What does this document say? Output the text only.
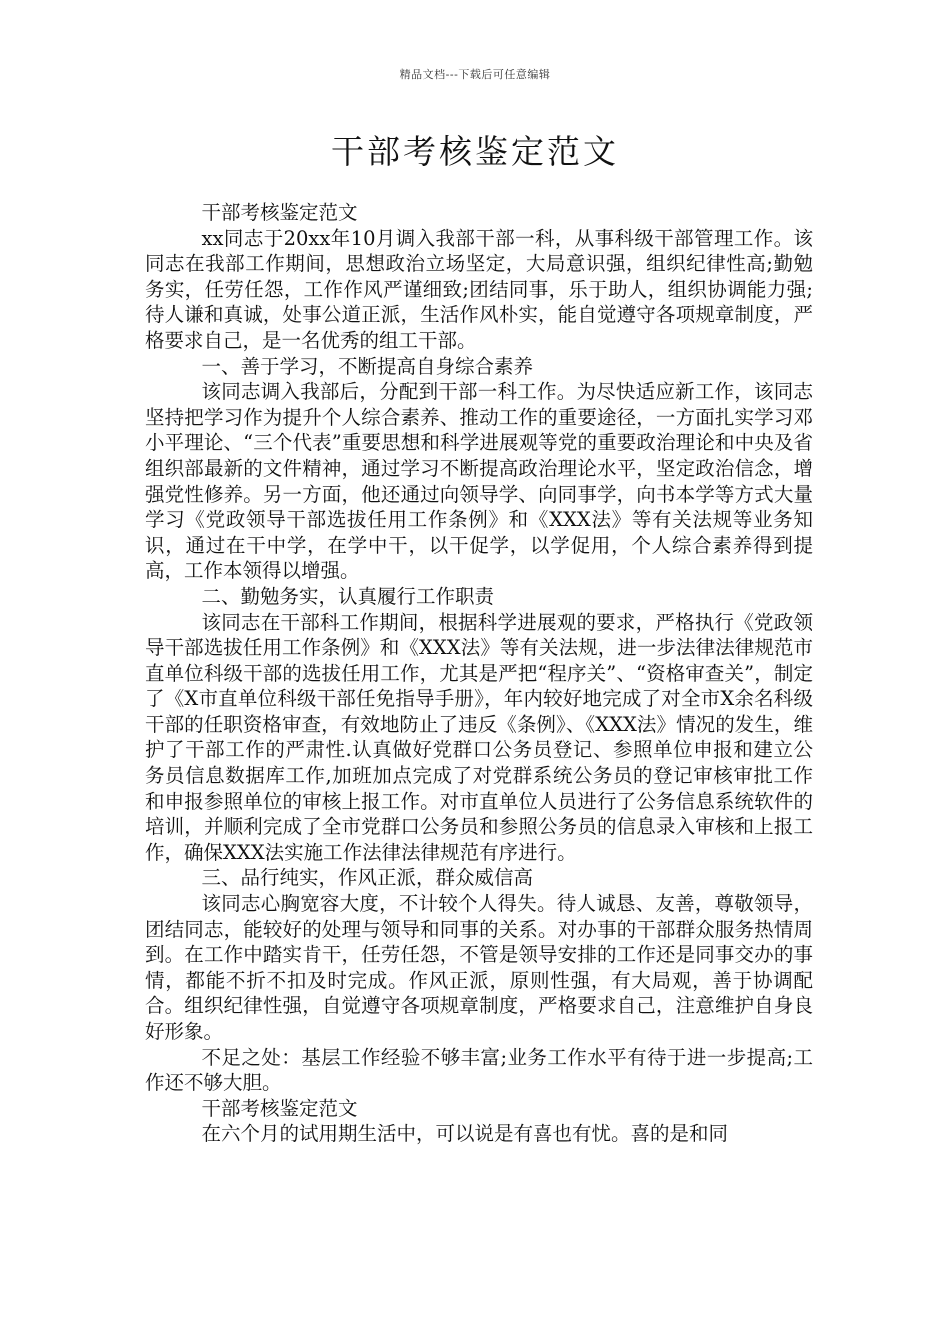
精品文档---下载后可任意编辑
干部考核鉴定范文

干部考核鉴定范文

xx同志于20xx年10月调入我部干部一科，从事科级干部管理工作。该同志在我部工作期间，思想政治立场坚定，大局意识强，组织纪律性高;勤勉务实，任劳任怨，工作作风严谨细致;团结同事，乐于助人，组织协调能力强;待人谦和真诚，处事公道正派，生活作风朴实，能自觉遵守各项规章制度，严格要求自己，是一名优秀的组工干部。

一、善于学习，不断提高自身综合素养

该同志调入我部后，分配到干部一科工作。为尽快适应新工作，该同志坚持把学习作为提升个人综合素养、推动工作的重要途径，一方面扎实学习邓小平理论、“三个代表”重要思想和科学进展观等党的重要政治理论和中央及省组织部最新的文件精神，通过学习不断提高政治理论水平，坚定政治信念，增强党性修养。另一方面，他还通过向领导学、向同事学，向书本学等方式大量学习《党政领导干部选拔任用工作条例》和《XXX法》等有关法规等业务知识，通过在干中学，在学中干，以干促学，以学促用，个人综合素养得到提高，工作本领得以增强。

二、勤勉务实，认真履行工作职责

该同志在干部科工作期间，根据科学进展观的要求，严格执行《党政领导干部选拔任用工作条例》和《XXX法》等有关法规，进一步法律法律规范市直单位科级干部的选拔任用工作，尤其是严把“程序关”、“资格审查关”，制定了《X市直单位科级干部任免指导手册》，年内较好地完成了对全市X余名科级干部的任职资格审查，有效地防止了违反《条例》、《XXX法》情况的发生，维护了干部工作的严肃性.认真做好党群口公务员登记、参照单位申报和建立公务员信息数据库工作,加班加点完成了对党群系统公务员的登记审核审批工作和申报参照单位的审核上报工作。对市直单位人员进行了公务信息系统软件的培训，并顺利完成了全市党群口公务员和参照公务员的信息录入审核和上报工作，确保XXX法实施工作法律法律规范有序进行。

三、品行纯实，作风正派，群众威信高

该同志心胸宽容大度，不计较个人得失。待人诚恳、友善，尊敬领导，团结同志，能较好的处理与领导和同事的关系。对办事的干部群众服务热情周到。在工作中踏实肯干，任劳任怨，不管是领导安排的工作还是同事交办的事情，都能不折不扣及时完成。作风正派，原则性强，有大局观，善于协调配合。组织纪律性强，自觉遵守各项规章制度，严格要求自己，注意维护自身良好形象。

不足之处：基层工作经验不够丰富;业务工作水平有待于进一步提高;工作还不够大胆。

干部考核鉴定范文

在六个月的试用期生活中，可以说是有喜也有忧。喜的是和同
